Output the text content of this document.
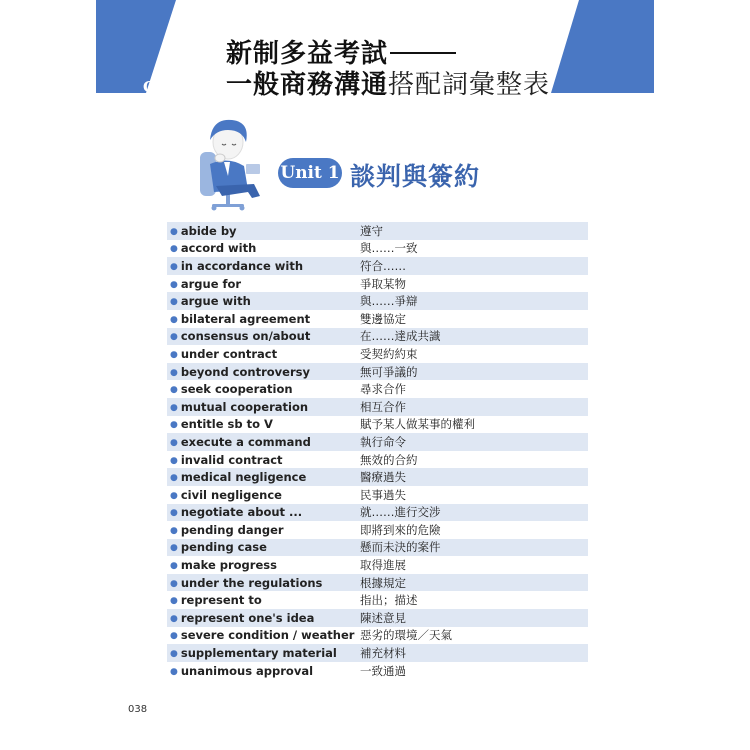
Chapter1
新制多益考試
一般商務溝通搭配詞彙整表
Unit 1 談判與簽約
● abide by	遵守
● accord with	與……一致
● in accordance with	符合……
● argue for	爭取某物
● argue with	與……爭辯
● bilateral agreement	雙邊協定
● consensus on/about	在……達成共識
● under contract	受契約約束
● beyond controversy	無可爭議的
● seek cooperation	尋求合作
● mutual cooperation	相互合作
● entitle sb to V	賦予某人做某事的權利
● execute a command	執行命令
● invalid contract	無效的合約
● medical negligence	醫療過失
● civil negligence	民事過失
● negotiate about ...	就……進行交涉
● pending danger	即將到來的危險
● pending case	懸而未決的案件
● make progress	取得進展
● under the regulations	根據規定
● represent to	指出；描述
● represent one's idea	陳述意見
● severe condition / weather 惡劣的環境／天氣
● supplementary material	補充材料
● unanimous approval	一致通過
038
